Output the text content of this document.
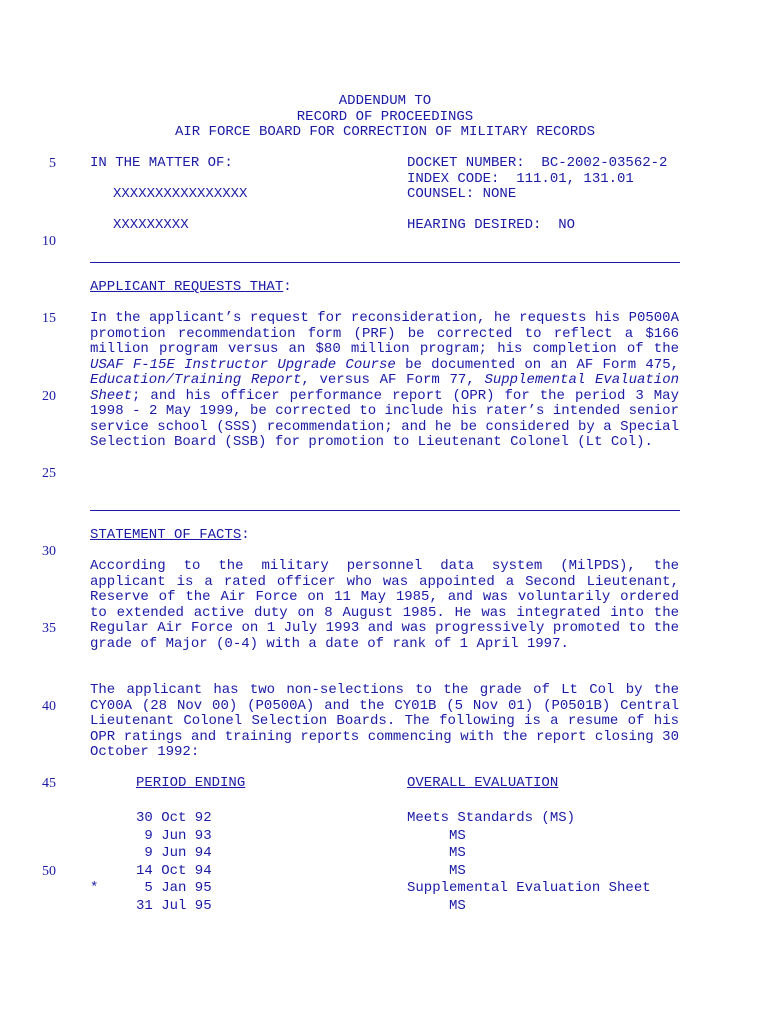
ADDENDUM TO
RECORD OF PROCEEDINGS
AIR FORCE BOARD FOR CORRECTION OF MILITARY RECORDS
5
10
15
20
25
30
35
40
45
50
IN THE MATTER OF:
XXXXXXXXXXXXXXXX
XXXXXXXXX
DOCKET NUMBER:  BC-2002-03562-2
INDEX CODE:  111.01, 131.01
COUNSEL: NONE
HEARING DESIRED:  NO
APPLICANT REQUESTS THAT:
In the applicant’s request for reconsideration, he requests his P0500A promotion recommendation form (PRF) be corrected to reflect a $166 million program versus an $80 million program; his completion of the USAF F-15E Instructor Upgrade Course be documented on an AF Form 475, Education/Training Report, versus AF Form 77, Supplemental Evaluation Sheet; and his officer performance report (OPR) for the period 3 May 1998 - 2 May 1999, be corrected to include his rater’s intended senior service school (SSS) recommendation; and he be considered by a Special Selection Board (SSB) for promotion to Lieutenant Colonel (Lt Col).
STATEMENT OF FACTS:
According to the military personnel data system (MilPDS), the applicant is a rated officer who was appointed a Second Lieutenant, Reserve of the Air Force on 11 May 1985, and was voluntarily ordered to extended active duty on 8 August 1985. He was integrated into the Regular Air Force on 1 July 1993 and was progressively promoted to the grade of Major (0-4) with a date of rank of 1 April 1997.
The applicant has two non-selections to the grade of Lt Col by the CY00A (28 Nov 00) (P0500A) and the CY01B (5 Nov 01) (P0501B) Central Lieutenant Colonel Selection Boards. The following is a resume of his OPR ratings and training reports commencing with the report closing 30 October 1992:
PERIOD ENDING	OVERALL EVALUATION
30 Oct 92	Meets Standards (MS)
9 Jun 93	MS
9 Jun 94	MS
14 Oct 94	MS
*	5 Jan 95	Supplemental Evaluation Sheet
31 Jul 95	MS
